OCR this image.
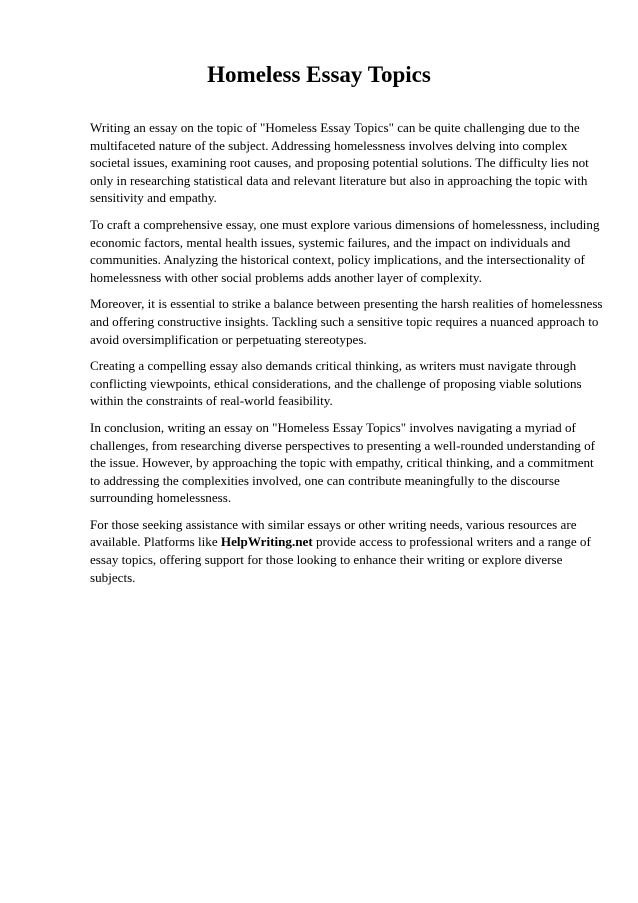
Homeless Essay Topics

Writing an essay on the topic of "Homeless Essay Topics" can be quite challenging due to the multifaceted nature of the subject. Addressing homelessness involves delving into complex societal issues, examining root causes, and proposing potential solutions. The difficulty lies not only in researching statistical data and relevant literature but also in approaching the topic with sensitivity and empathy.

To craft a comprehensive essay, one must explore various dimensions of homelessness, including economic factors, mental health issues, systemic failures, and the impact on individuals and communities. Analyzing the historical context, policy implications, and the intersectionality of homelessness with other social problems adds another layer of complexity.

Moreover, it is essential to strike a balance between presenting the harsh realities of homelessness and offering constructive insights. Tackling such a sensitive topic requires a nuanced approach to avoid oversimplification or perpetuating stereotypes.

Creating a compelling essay also demands critical thinking, as writers must navigate through conflicting viewpoints, ethical considerations, and the challenge of proposing viable solutions within the constraints of real-world feasibility.

In conclusion, writing an essay on "Homeless Essay Topics" involves navigating a myriad of challenges, from researching diverse perspectives to presenting a well-rounded understanding of the issue. However, by approaching the topic with empathy, critical thinking, and a commitment to addressing the complexities involved, one can contribute meaningfully to the discourse surrounding homelessness.

For those seeking assistance with similar essays or other writing needs, various resources are available. Platforms like HelpWriting.net provide access to professional writers and a range of essay topics, offering support for those looking to enhance their writing or explore diverse subjects.
